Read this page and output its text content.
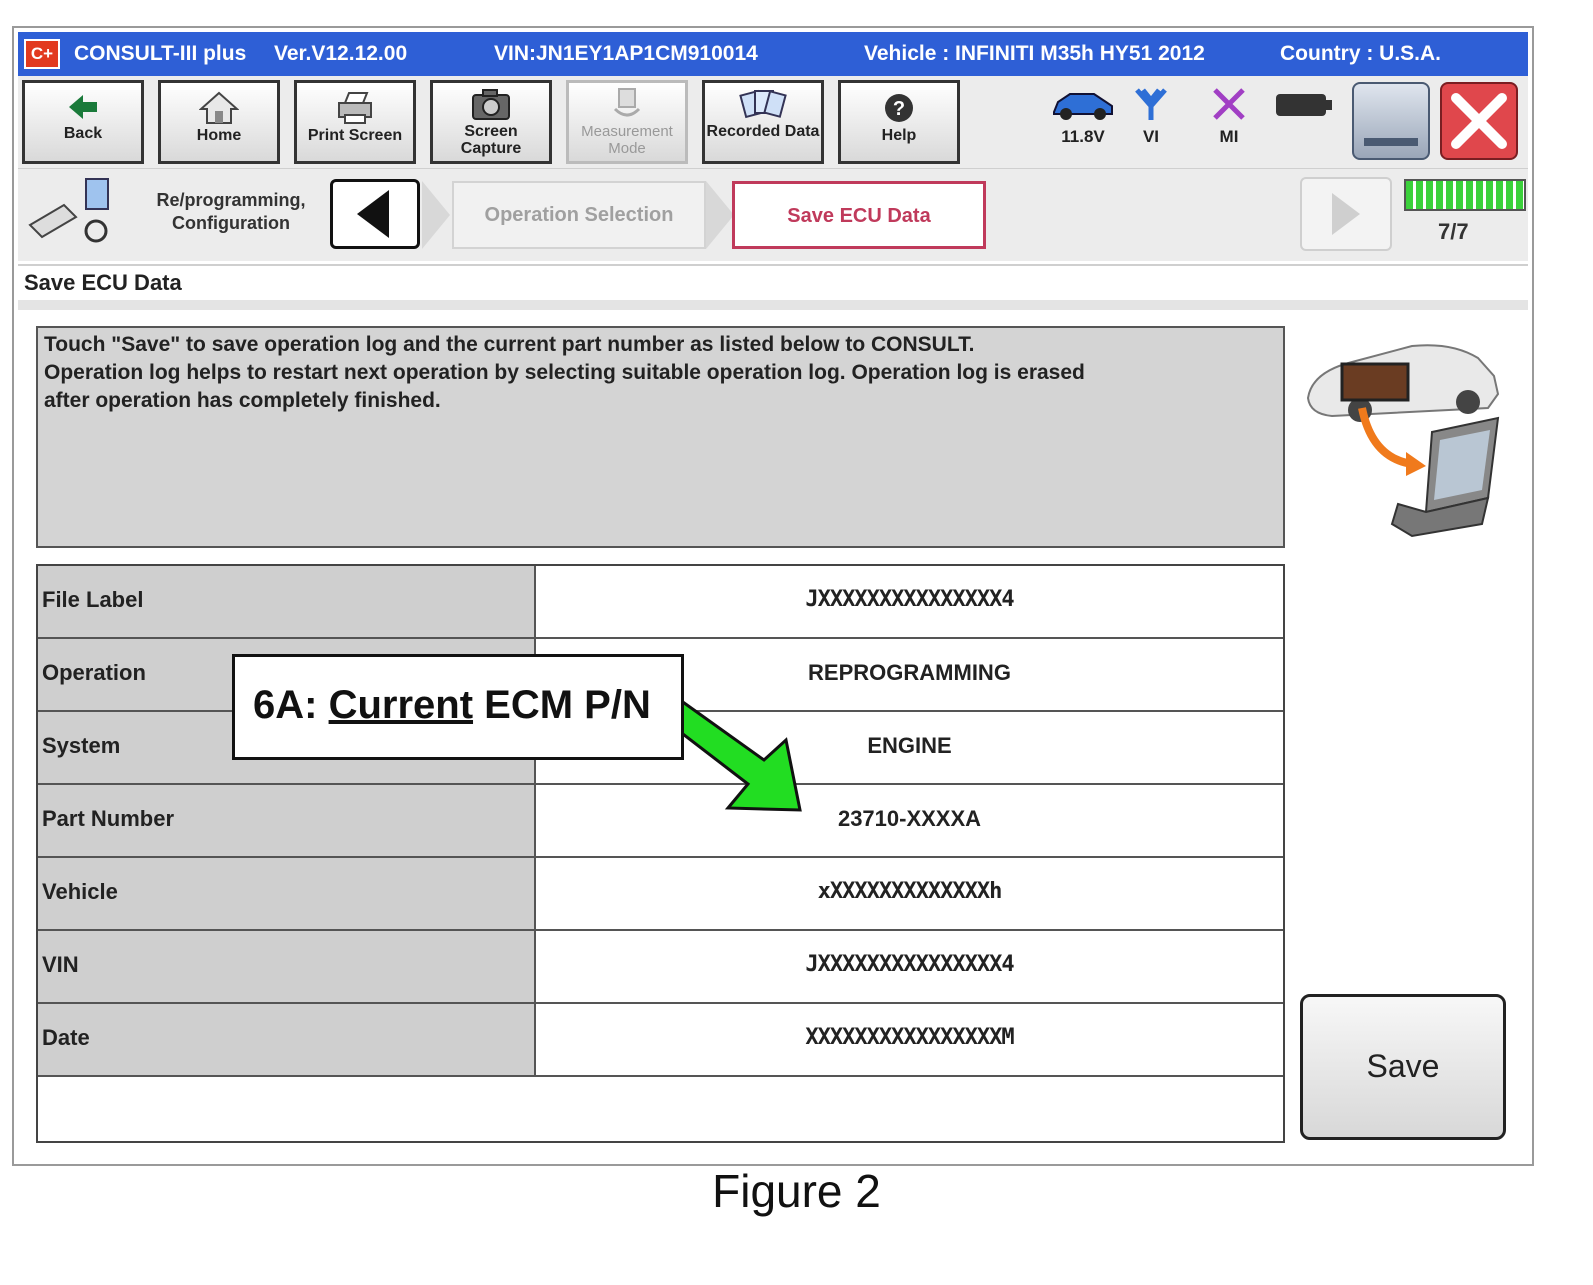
C+ CONSULT-III plus Ver.V12.12.00	VIN:JN1EY1AP1CM910014	Vehicle : INFINITI M35h HY51 2012	Country : U.S.A.
Back	Home	Print Screen	Screen Capture
Measurement Mode
Recorded Data
?
Help	11.8V	VI	MI
Re/programming, Configuration	Operation Selection	Save ECU Data
7/7
Save ECU Data
Touch "Save" to save operation log and the current part number as listed below to CONSULT.
Operation log helps to restart next operation by selecting suitable operation log. Operation log is erased
after operation has completely finished.
File Label	JXXXXXXXXXXXXXXX4
Operation	REPROGRAMMING
System	ENGINE
Part Number	23710-XXXXA
Vehicle	xXXXXXXXXXXXXXh
VIN	JXXXXXXXXXXXXXXX4
Date	XXXXXXXXXXXXXXXXM
6A: Current ECM P/N
Save
Figure 2
